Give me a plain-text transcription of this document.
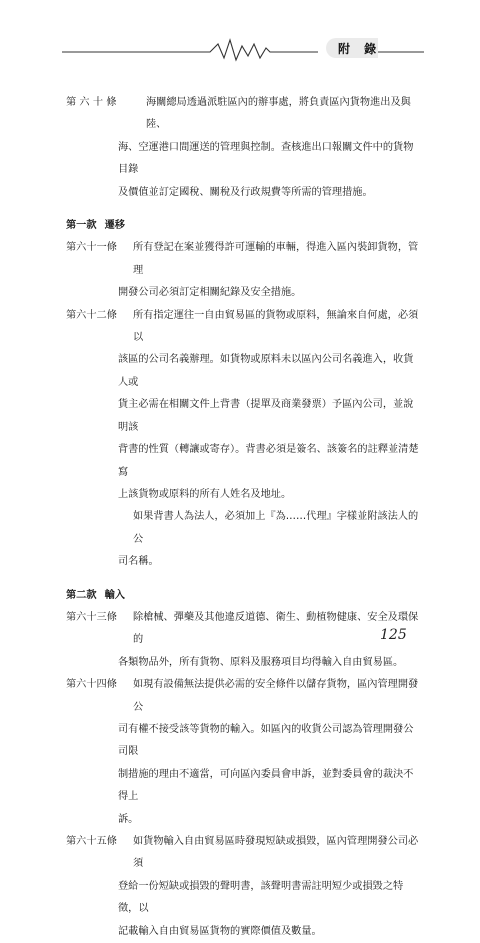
附 錄
第 六 十 條	海關總局透過派駐區內的辦事處，將負責區內貨物進出及與陸、
海、空運港口間運送的管理與控制。查核進出口報關文件中的貨物目錄
及價值並訂定國稅、關稅及行政規費等所需的管理措施。
第一款 遷移
第六十一條 所有登記在案並獲得許可運輸的車輛，得進入區內裝卸貨物，管理
開發公司必須訂定相關紀錄及安全措施。
第六十二條 所有指定運往一自由貿易區的貨物或原料，無論來自何處，必須以
該區的公司名義辦理。如貨物或原料未以區內公司名義進入，收貨人或
貨主必需在相關文件上背書（提單及商業發票）予區內公司，並說明該
背書的性質（轉讓或寄存）。背書必須是簽名、該簽名的註釋並清楚寫
上該貨物或原料的所有人姓名及地址。
如果背書人為法人，必須加上『為……代理』字樣並附該法人的公
司名稱。
第二款 輸入
第六十三條 除槍械、彈藥及其他違反道德、衛生、動植物健康、安全及環保的
各類物品外，所有貨物、原料及服務項目均得輸入自由貿易區。
第六十四條 如現有設備無法提供必需的安全條件以儲存貨物，區內管理開發公
司有權不接受該等貨物的輸入。如區內的收貨公司認為管理開發公司限
制措施的理由不適當，可向區內委員會申訴，並對委員會的裁決不得上
訴。
第六十五條 如貨物輸入自由貿易區時發現短缺或損毀，區內管理開發公司必須
登給一份短缺或損毀的聲明書，該聲明書需註明短少或損毀之特徵，以
記載輸入自由貿易區貨物的實際價值及數量。
125
